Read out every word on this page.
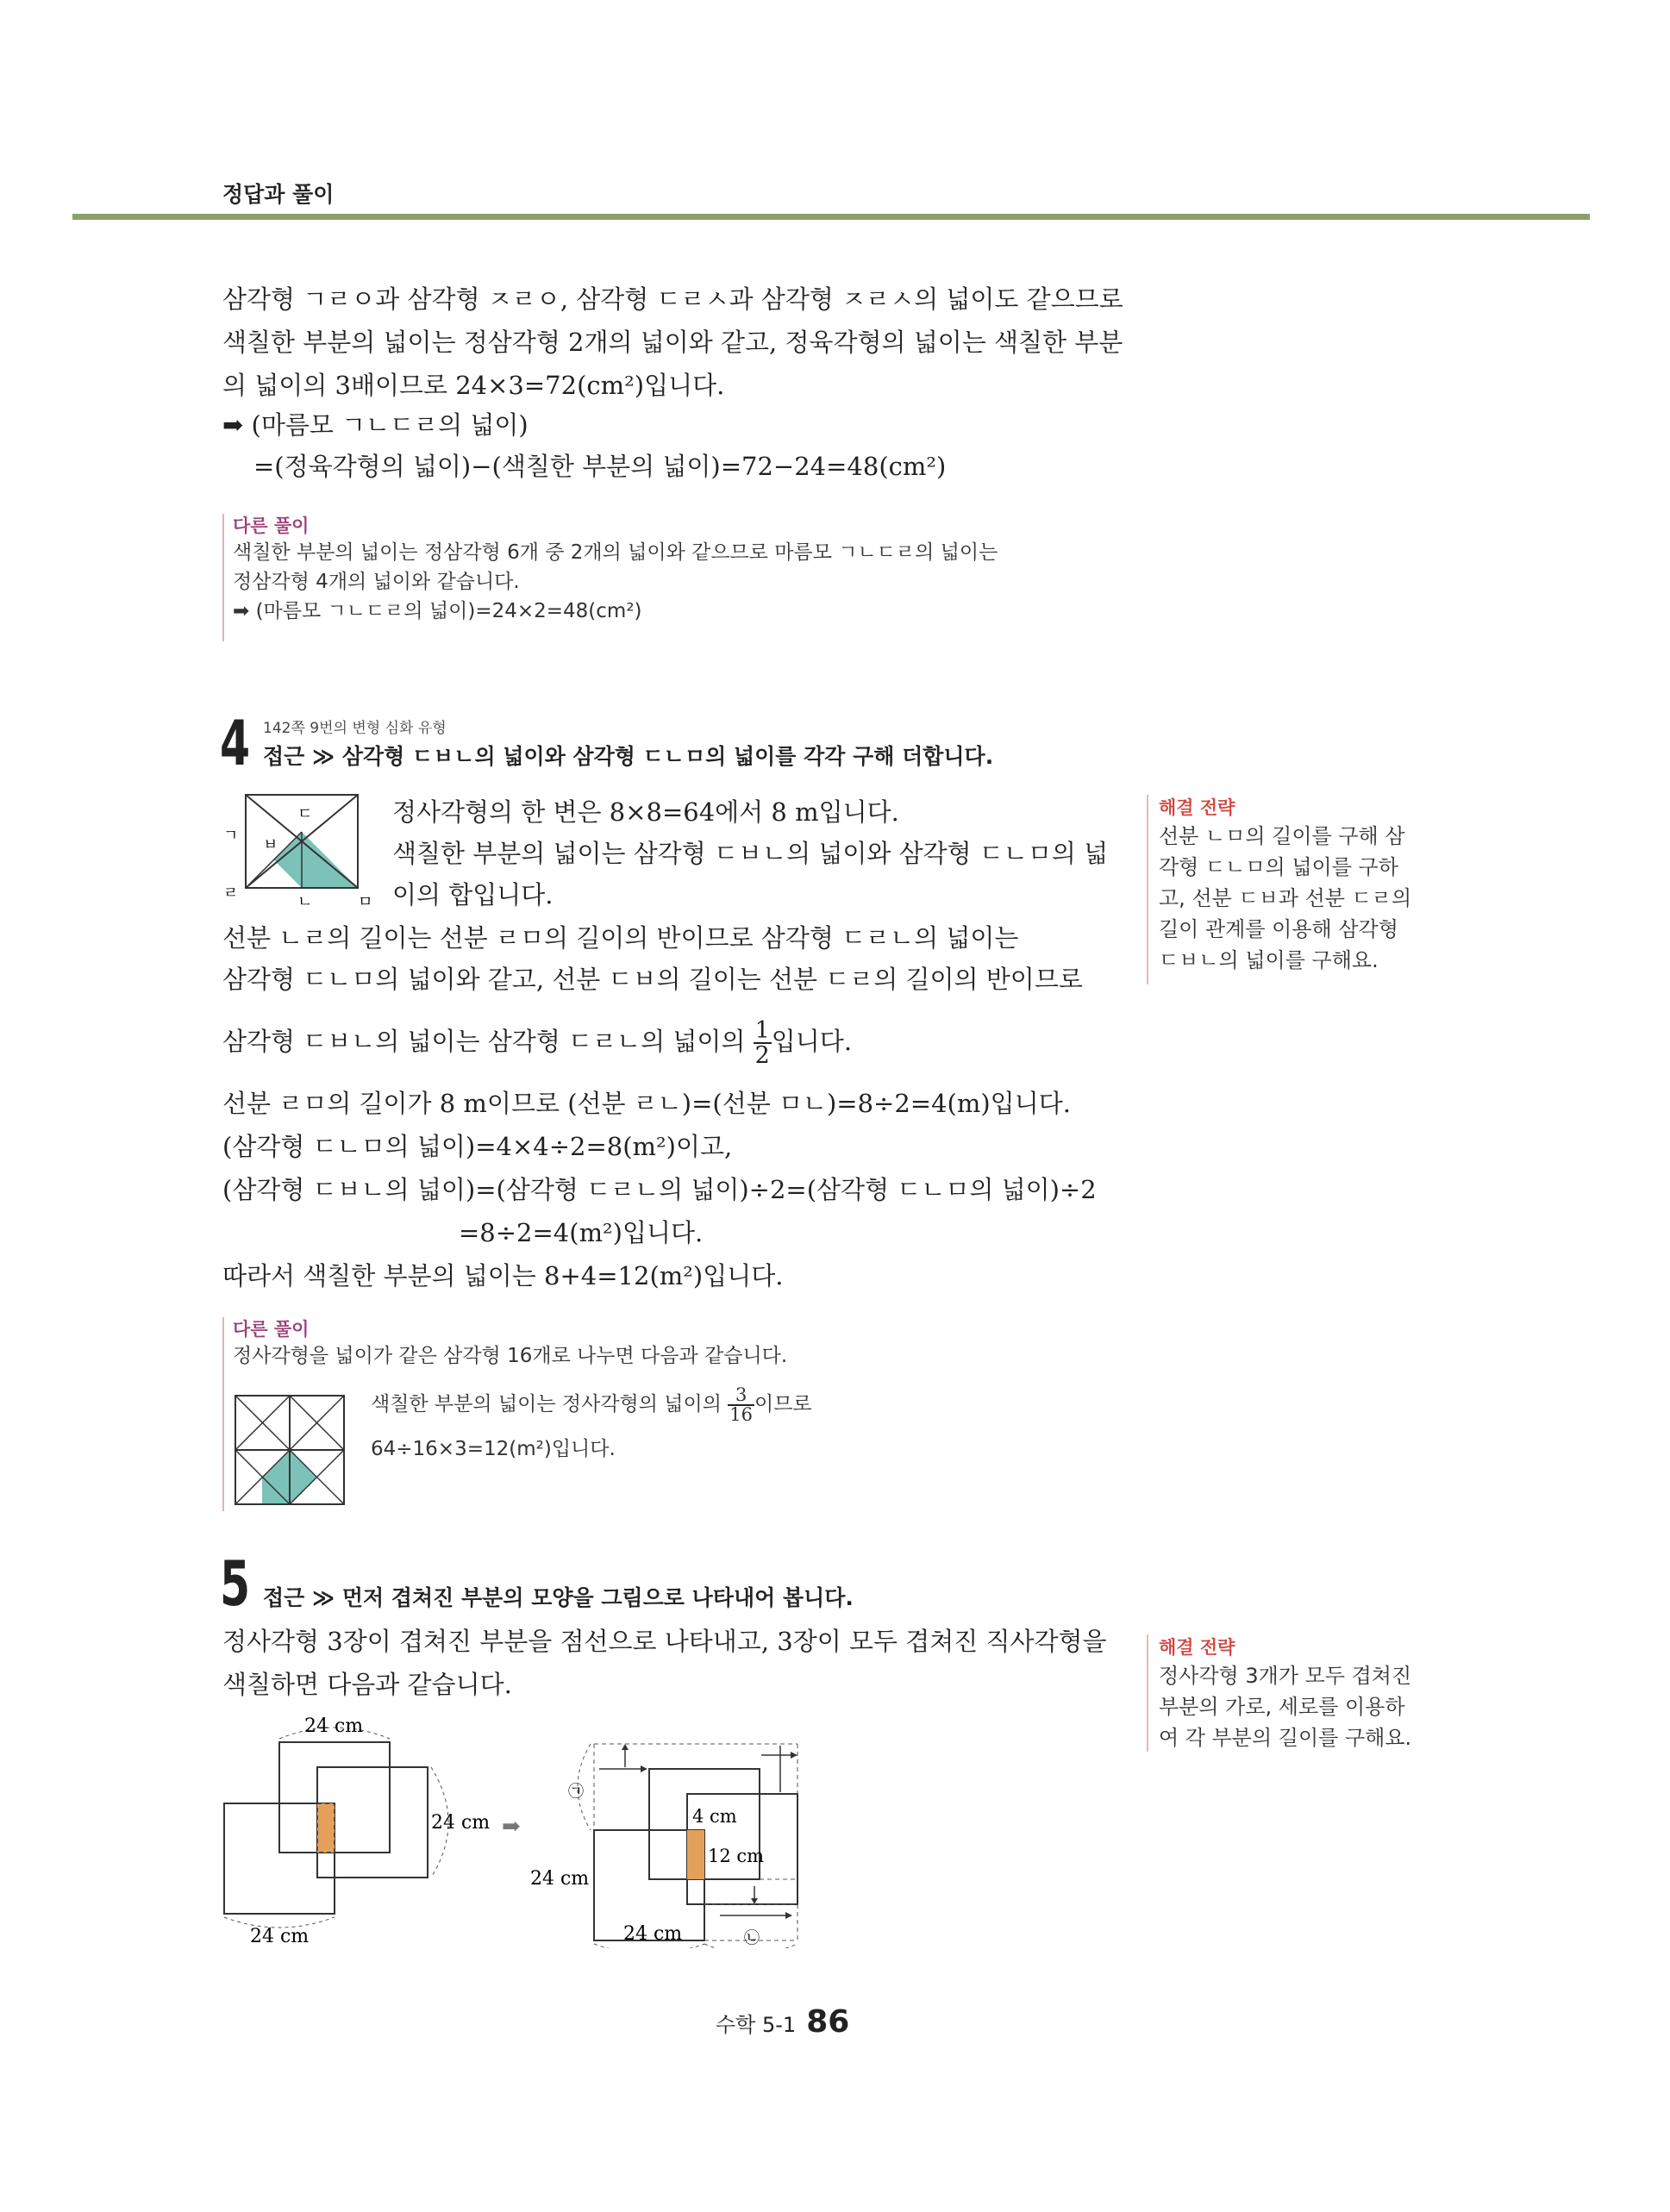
정답과 풀이
삼각형 ㄱㄹㅇ과 삼각형 ㅈㄹㅇ, 삼각형 ㄷㄹㅅ과 삼각형 ㅈㄹㅅ의 넓이도 같으므로
색칠한 부분의 넓이는 정삼각형 2개의 넓이와 같고, 정육각형의 넓이는 색칠한 부분
의 넓이의 3배이므로 24×3=72(cm²)입니다.
➡ (마름모 ㄱㄴㄷㄹ의 넓이)
=(정육각형의 넓이)−(색칠한 부분의 넓이)=72−24=48(cm²)
다른 풀이
색칠한 부분의 넓이는 정삼각형 6개 중 2개의 넓이와 같으므로 마름모 ㄱㄴㄷㄹ의 넓이는
정삼각형 4개의 넓이와 같습니다.
➡ (마름모 ㄱㄴㄷㄹ의 넓이)=24×2=48(cm²)
4 142쪽 9번의 변형 심화 유형
접근 ≫ 삼각형 ㄷㅂㄴ의 넓이와 삼각형 ㄷㄴㅁ의 넓이를 각각 구해 더합니다.
ㄱ
ㄷ
ㅂ
ㄹ	ㄴ	ㅁ
정사각형의 한 변은 8×8=64에서 8 m입니다.
색칠한 부분의 넓이는 삼각형 ㄷㅂㄴ의 넓이와 삼각형 ㄷㄴㅁ의 넓
이의 합입니다.
선분 ㄴㄹ의 길이는 선분 ㄹㅁ의 길이의 반이므로 삼각형 ㄷㄹㄴ의 넓이는
삼각형 ㄷㄴㅁ의 넓이와 같고, 선분 ㄷㅂ의 길이는 선분 ㄷㄹ의 길이의 반이므로
삼각형 ㄷㅂㄴ의 넓이는 삼각형 ㄷㄹㄴ의 넓이의 $\frac{1}{2}$ 입니다.
선분 ㄹㅁ의 길이가 8 m이므로 (선분 ㄹㄴ)=(선분 ㅁㄴ)=8÷2=4(m)입니다.
(삼각형 ㄷㄴㅁ의 넓이)=4×4÷2=8(m²)이고,
(삼각형 ㄷㅂㄴ의 넓이)=(삼각형 ㄷㄹㄴ의 넓이)÷2=(삼각형 ㄷㄴㅁ의 넓이)÷2
=8÷2=4(m²)입니다.
따라서 색칠한 부분의 넓이는 8+4=12(m²)입니다.
해결 전략
선분 ㄴㅁ의 길이를 구해 삼
각형 ㄷㄴㅁ의 넓이를 구하
고, 선분 ㄷㅂ과 선분 ㄷㄹ의
길이 관계를 이용해 삼각형
ㄷㅂㄴ의 넓이를 구해요.
다른 풀이
정사각형을 넓이가 같은 삼각형 16개로 나누면 다음과 같습니다.
색칠한 부분의 넓이는 정사각형의 넓이의 $\frac{3}{16}$ 이므로
64÷16×3=12(m²)입니다.
5 접근 ≫ 먼저 겹쳐진 부분의 모양을 그림으로 나타내어 봅니다.
정사각형 3장이 겹쳐진 부분을 점선으로 나타내고, 3장이 모두 겹쳐진 직사각형을
색칠하면 다음과 같습니다.
해결 전략
정사각형 3개가 모두 겹쳐진
부분의 가로, 세로를 이용하
여 각 부분의 길이를 구해요.
24 cm
24 cm
24 cm
➡	4 cm
12 cm
24 cm
24 cm
㉠
㉡
수학 5-1 86
